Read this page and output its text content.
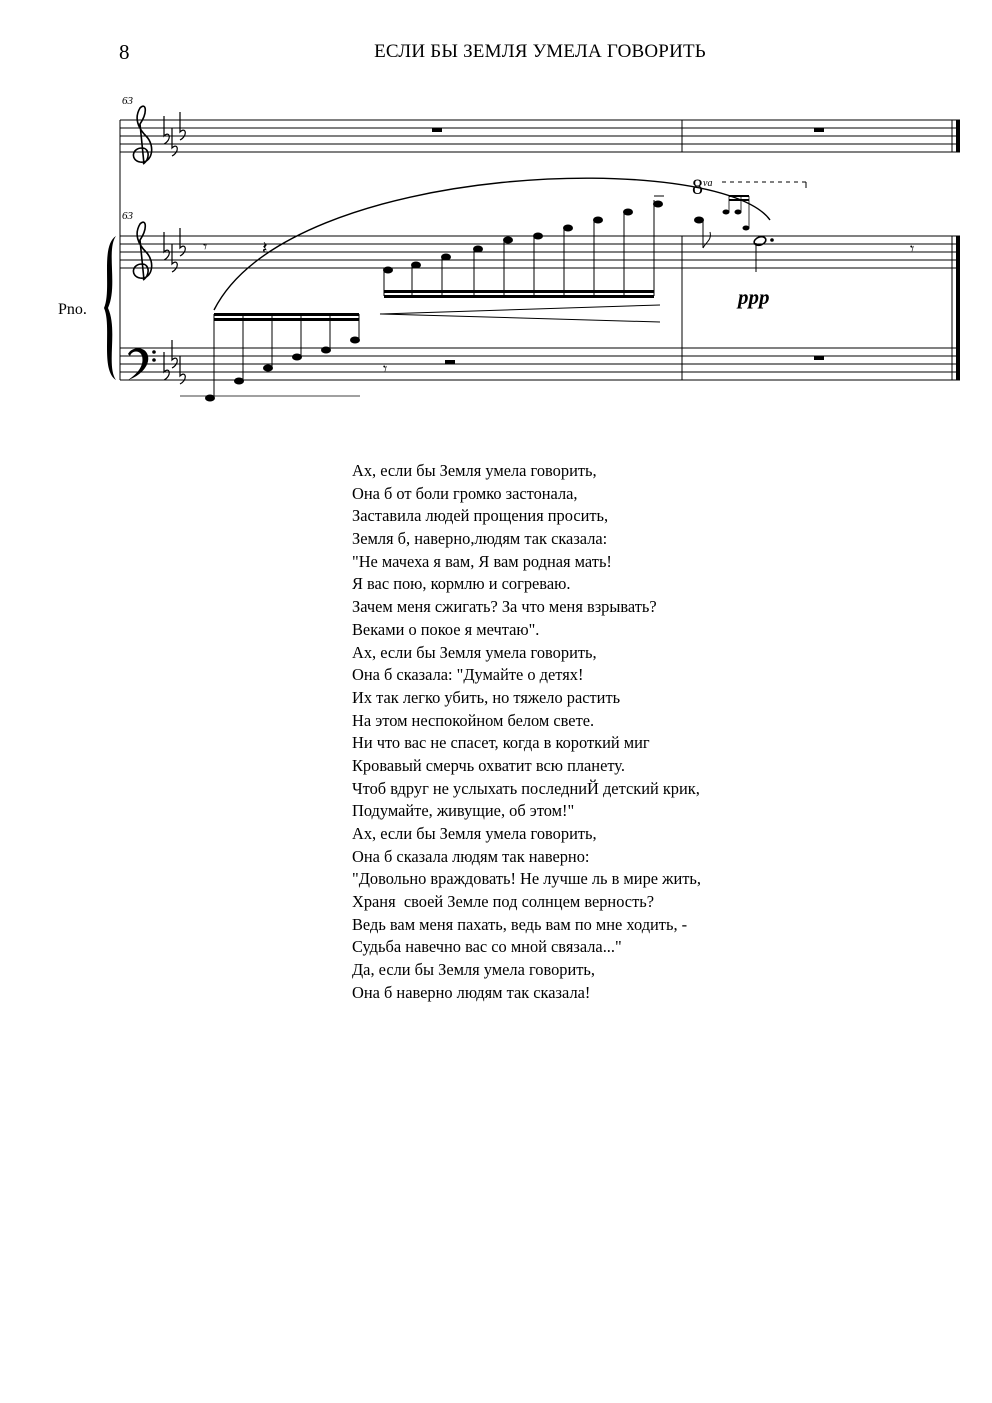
8	ЕСЛИ БЫ ЗЕМЛЯ УМЕЛА ГОВОРИТЬ
63
63
Pno.
𝄾	𝄽	𝄾
𝄾
8 va
ppp
Ах, если бы Земля умела говорить,
Она б от боли громко застонала,
Заставила людей прощения просить,
Земля б, наверно,людям так сказала:
"Не мачеха я вам, Я вам родная мать!
Я вас пою, кормлю и согреваю.
Зачем меня сжигать? За что меня взрывать?
Веками о покое я мечтаю".
Ах, если бы Земля умела говорить,
Она б сказала: "Думайте о детях!
Их так легко убить, но тяжело растить
На этом неспокойном белом свете.
Ни что вас не спасет, когда в короткий миг
Кровавый смерчь охватит всю планету.
Чтоб вдруг не услыхать последниЙ детский крик,
Подумайте, живущие, об этом!"
Ах, если бы Земля умела говорить,
Она б сказала людям так наверно:
"Довольно враждовать! Не лучше ль в мире жить,
Храня  своей Земле под солнцем верность?
Ведь вам меня пахать, ведь вам по мне ходить, -
Судьба навечно вас со мной связала..."
Да, если бы Земля умела говорить,
Она б наверно людям так сказала!
